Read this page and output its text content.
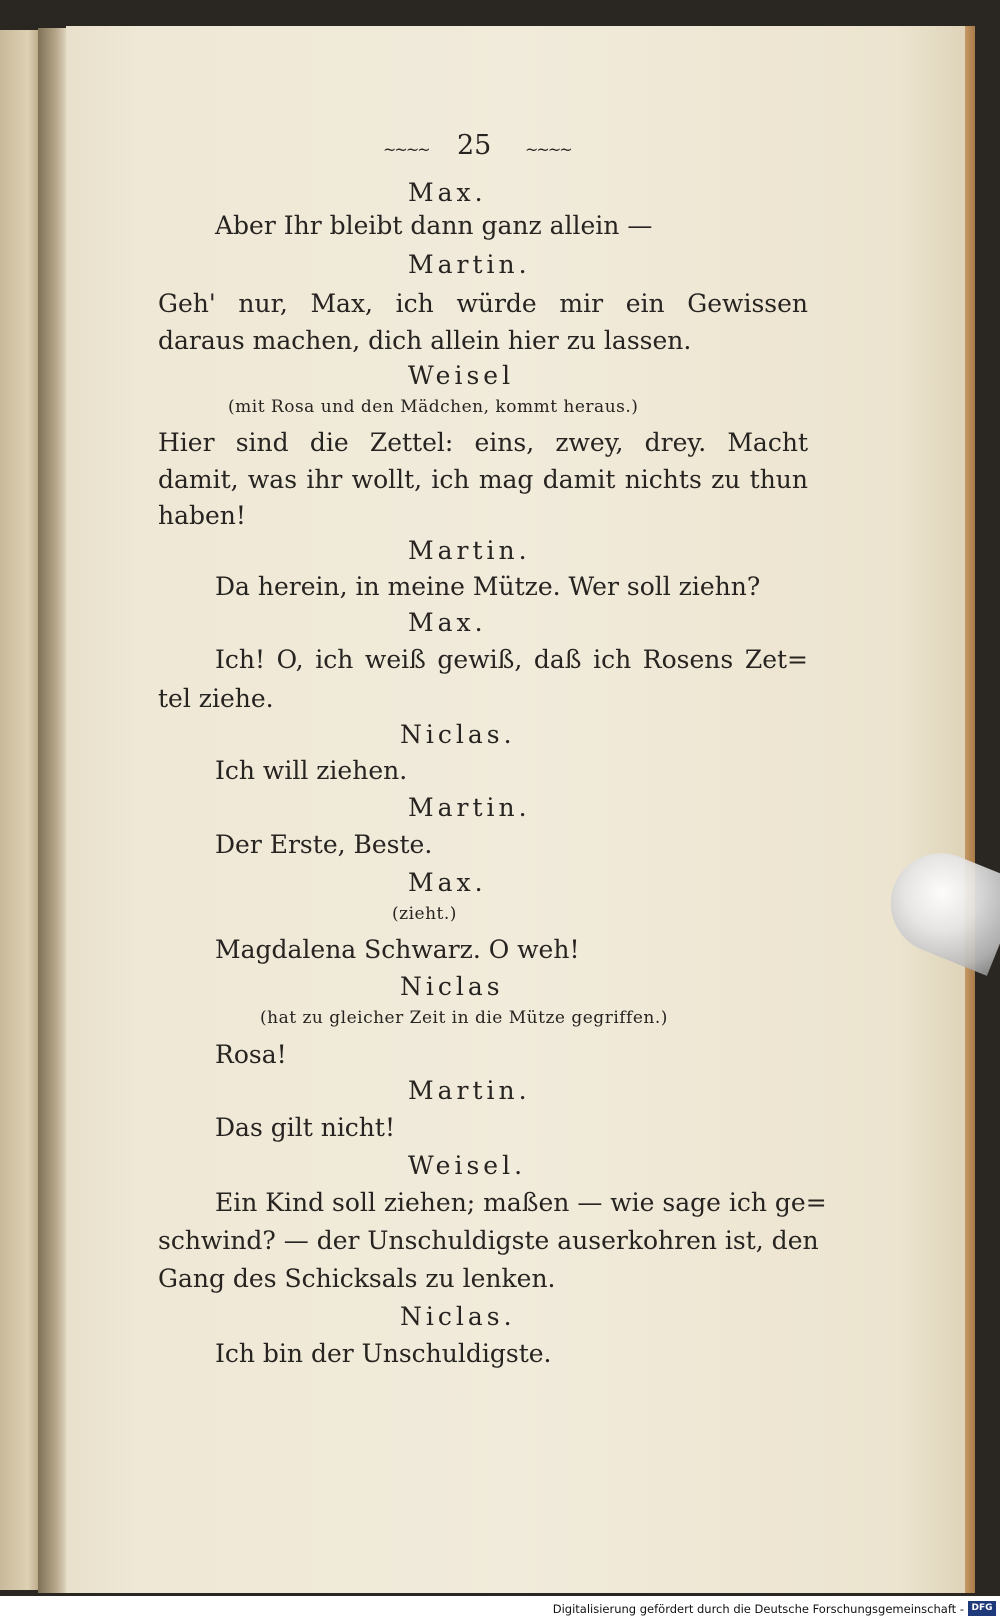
~~~~ 25 ~~~~
Max.
Aber Ihr bleibt dann ganz allein —
Martin.
Geh' nur, Max, ich würde mir ein Gewissen
daraus machen, dich allein hier zu lassen.
Weisel
(mit Rosa und den Mädchen, kommt heraus.)
Hier sind die Zettel: eins, zwey, drey. Macht
damit, was ihr wollt, ich mag damit nichts zu thun
haben!
Martin.
Da herein, in meine Mütze. Wer soll ziehn?
Max.
Ich! O, ich weiß gewiß, daß ich Rosens Zet=
tel ziehe.
Niclas.
Ich will ziehen.
Martin.
Der Erste, Beste.
Max.
(zieht.)
Magdalena Schwarz. O weh!
Niclas
(hat zu gleicher Zeit in die Mütze gegriffen.)
Rosa!
Martin.
Das gilt nicht!
Weisel.
Ein Kind soll ziehen; maßen — wie sage ich ge=
schwind? — der Unschuldigste auserkohren ist, den
Gang des Schicksals zu lenken.
Niclas.
Ich bin der Unschuldigste.
Digitalisierung gefördert durch die Deutsche Forschungsgemeinschaft - DFG
